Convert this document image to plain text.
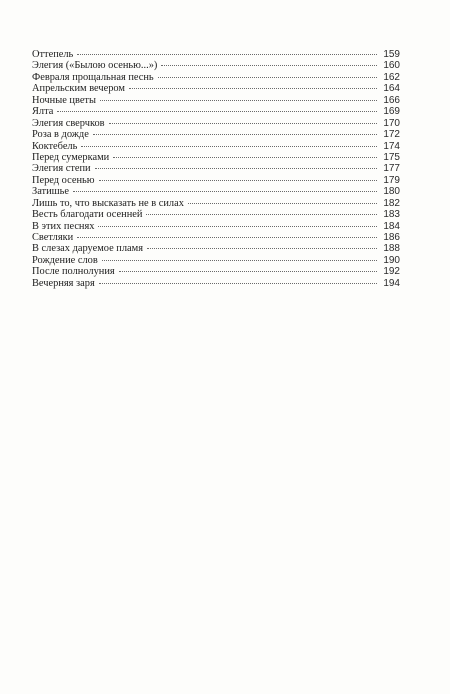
Оттепель	159
Элегия («Былою осенью...»)	160
Февраля прощальная песнь	162
Апрельским вечером	164
Ночные цветы	166
Ялта	169
Элегия сверчков	170
Роза в дожде	172
Коктебель	174
Перед сумерками	175
Элегия степи	177
Перед осенью	179
Затишье	180
Лишь то, что высказать не в силах	182
Весть благодати осенней	183
В этих песнях	184
Светляки	186
В слезах даруемое пламя	188
Рождение слов	190
После полнолуния	192
Вечерняя заря	194
